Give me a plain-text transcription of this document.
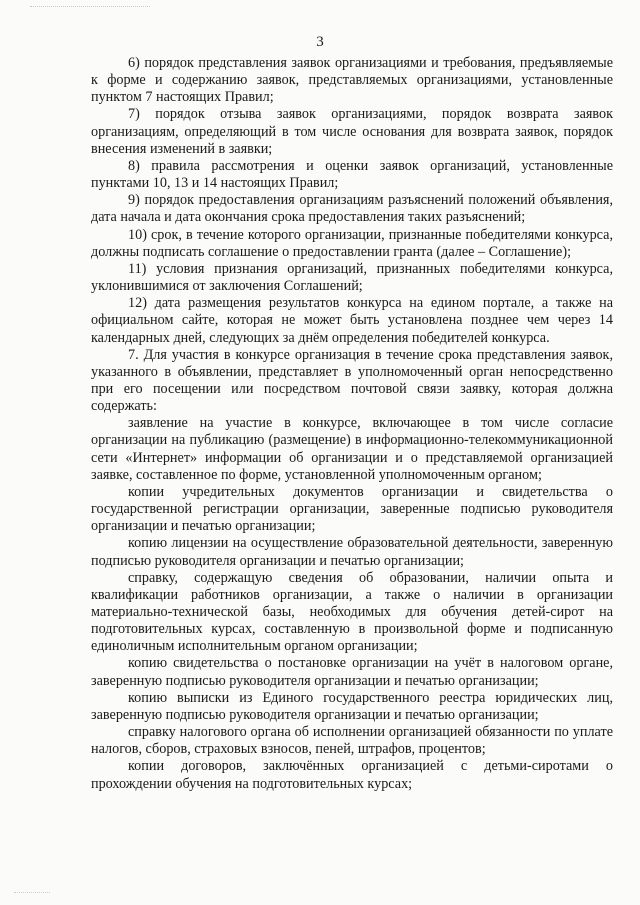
3

6) порядок представления заявок организациями и требования, предъявляемые к форме и содержанию заявок, представляемых организациями, установленные пунктом 7 настоящих Правил;

7) порядок отзыва заявок организациями, порядок возврата заявок организациям, определяющий в том числе основания для возврата заявок, порядок внесения изменений в заявки;

8) правила рассмотрения и оценки заявок организаций, установленные пунктами 10, 13 и 14 настоящих Правил;

9) порядок предоставления организациям разъяснений положений объявления, дата начала и дата окончания срока предоставления таких разъяснений;

10) срок, в течение которого организации, признанные победителями конкурса, должны подписать соглашение о предоставлении гранта (далее – Соглашение);

11) условия признания организаций, признанных победителями конкурса, уклонившимися от заключения Соглашений;

12) дата размещения результатов конкурса на едином портале, а также на официальном сайте, которая не может быть установлена позднее чем через 14 календарных дней, следующих за днём определения победителей конкурса.

7. Для участия в конкурсе организация в течение срока представления заявок, указанного в объявлении, представляет в уполномоченный орган непосредственно при его посещении или посредством почтовой связи заявку, которая должна содержать:

заявление на участие в конкурсе, включающее в том числе согласие организации на публикацию (размещение) в информационно-телекоммуникационной сети «Интернет» информации об организации и о представляемой организацией заявке, составленное по форме, установленной уполномоченным органом;

копии учредительных документов организации и свидетельства о государственной регистрации организации, заверенные подписью руководителя организации и печатью организации;

копию лицензии на осуществление образовательной деятельности, заверенную подписью руководителя организации и печатью организации;

справку, содержащую сведения об образовании, наличии опыта и квалификации работников организации, а также о наличии в организации материально-технической базы, необходимых для обучения детей-сирот на подготовительных курсах, составленную в произвольной форме и подписанную единоличным исполнительным органом организации;

копию свидетельства о постановке организации на учёт в налоговом органе, заверенную подписью руководителя организации и печатью организации;

копию выписки из Единого государственного реестра юридических лиц, заверенную подписью руководителя организации и печатью организации;

справку налогового органа об исполнении организацией обязанности по уплате налогов, сборов, страховых взносов, пеней, штрафов, процентов;

копии договоров, заключённых организацией с детьми-сиротами о прохождении обучения на подготовительных курсах;
